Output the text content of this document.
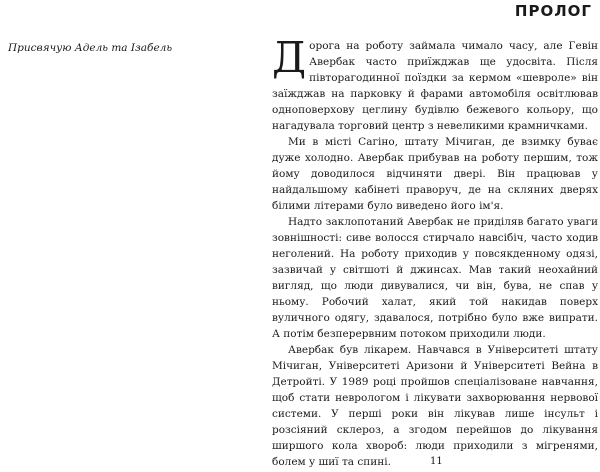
ПРОЛОГ

Присвячую Адель та Ізабель Дорога на роботу займала чимало часу, але Гевін Авербак часто приїжджав ще удосвіта. Після півторагодинної поїздки за кермом «шевроле» він заїжджав на парковку й фарами автомобіля освітлював одноповерхову цеглину будівлю бежевого кольору, що нагадувала торговий центр з невеликими крамничками.

Ми в місті Сагіно, штату Мічиган, де взимку буває дуже холодно. Авербак прибував на роботу першим, тож йому доводилося відчиняти двері. Він працював у найдальшому кабінеті праворуч, де на скляних дверях білими літерами було виведено його ім'я.

Надто заклопотаний Авербак не приділяв багато уваги зовнішності: сиве волосся стирчало навсібіч, часто ходив неголений. На роботу приходив у повсякденному одязі, зазвичай у світшоті й джинсах. Мав такий неохайний вигляд, що люди дивувалися, чи він, бува, не спав у ньому. Робочий халат, який той накидав поверх вуличного одягу, здавалося, потрібно було вже випрати. А потім безперервним потоком приходили люди.

Авербак був лікарем. Навчався в Університеті штату Мічиган, Університеті Аризони й Університеті Вейна в Детройті. У 1989 році пройшов спеціалізоване навчання, щоб стати неврологом і лікувати захворювання нервової системи. У перші роки він лікував лише інсульт і розсіяний склероз, а згодом перейшов до лікування ширшого кола хвороб: люди приходили з мігренями, болем у шиї та спині.	11
